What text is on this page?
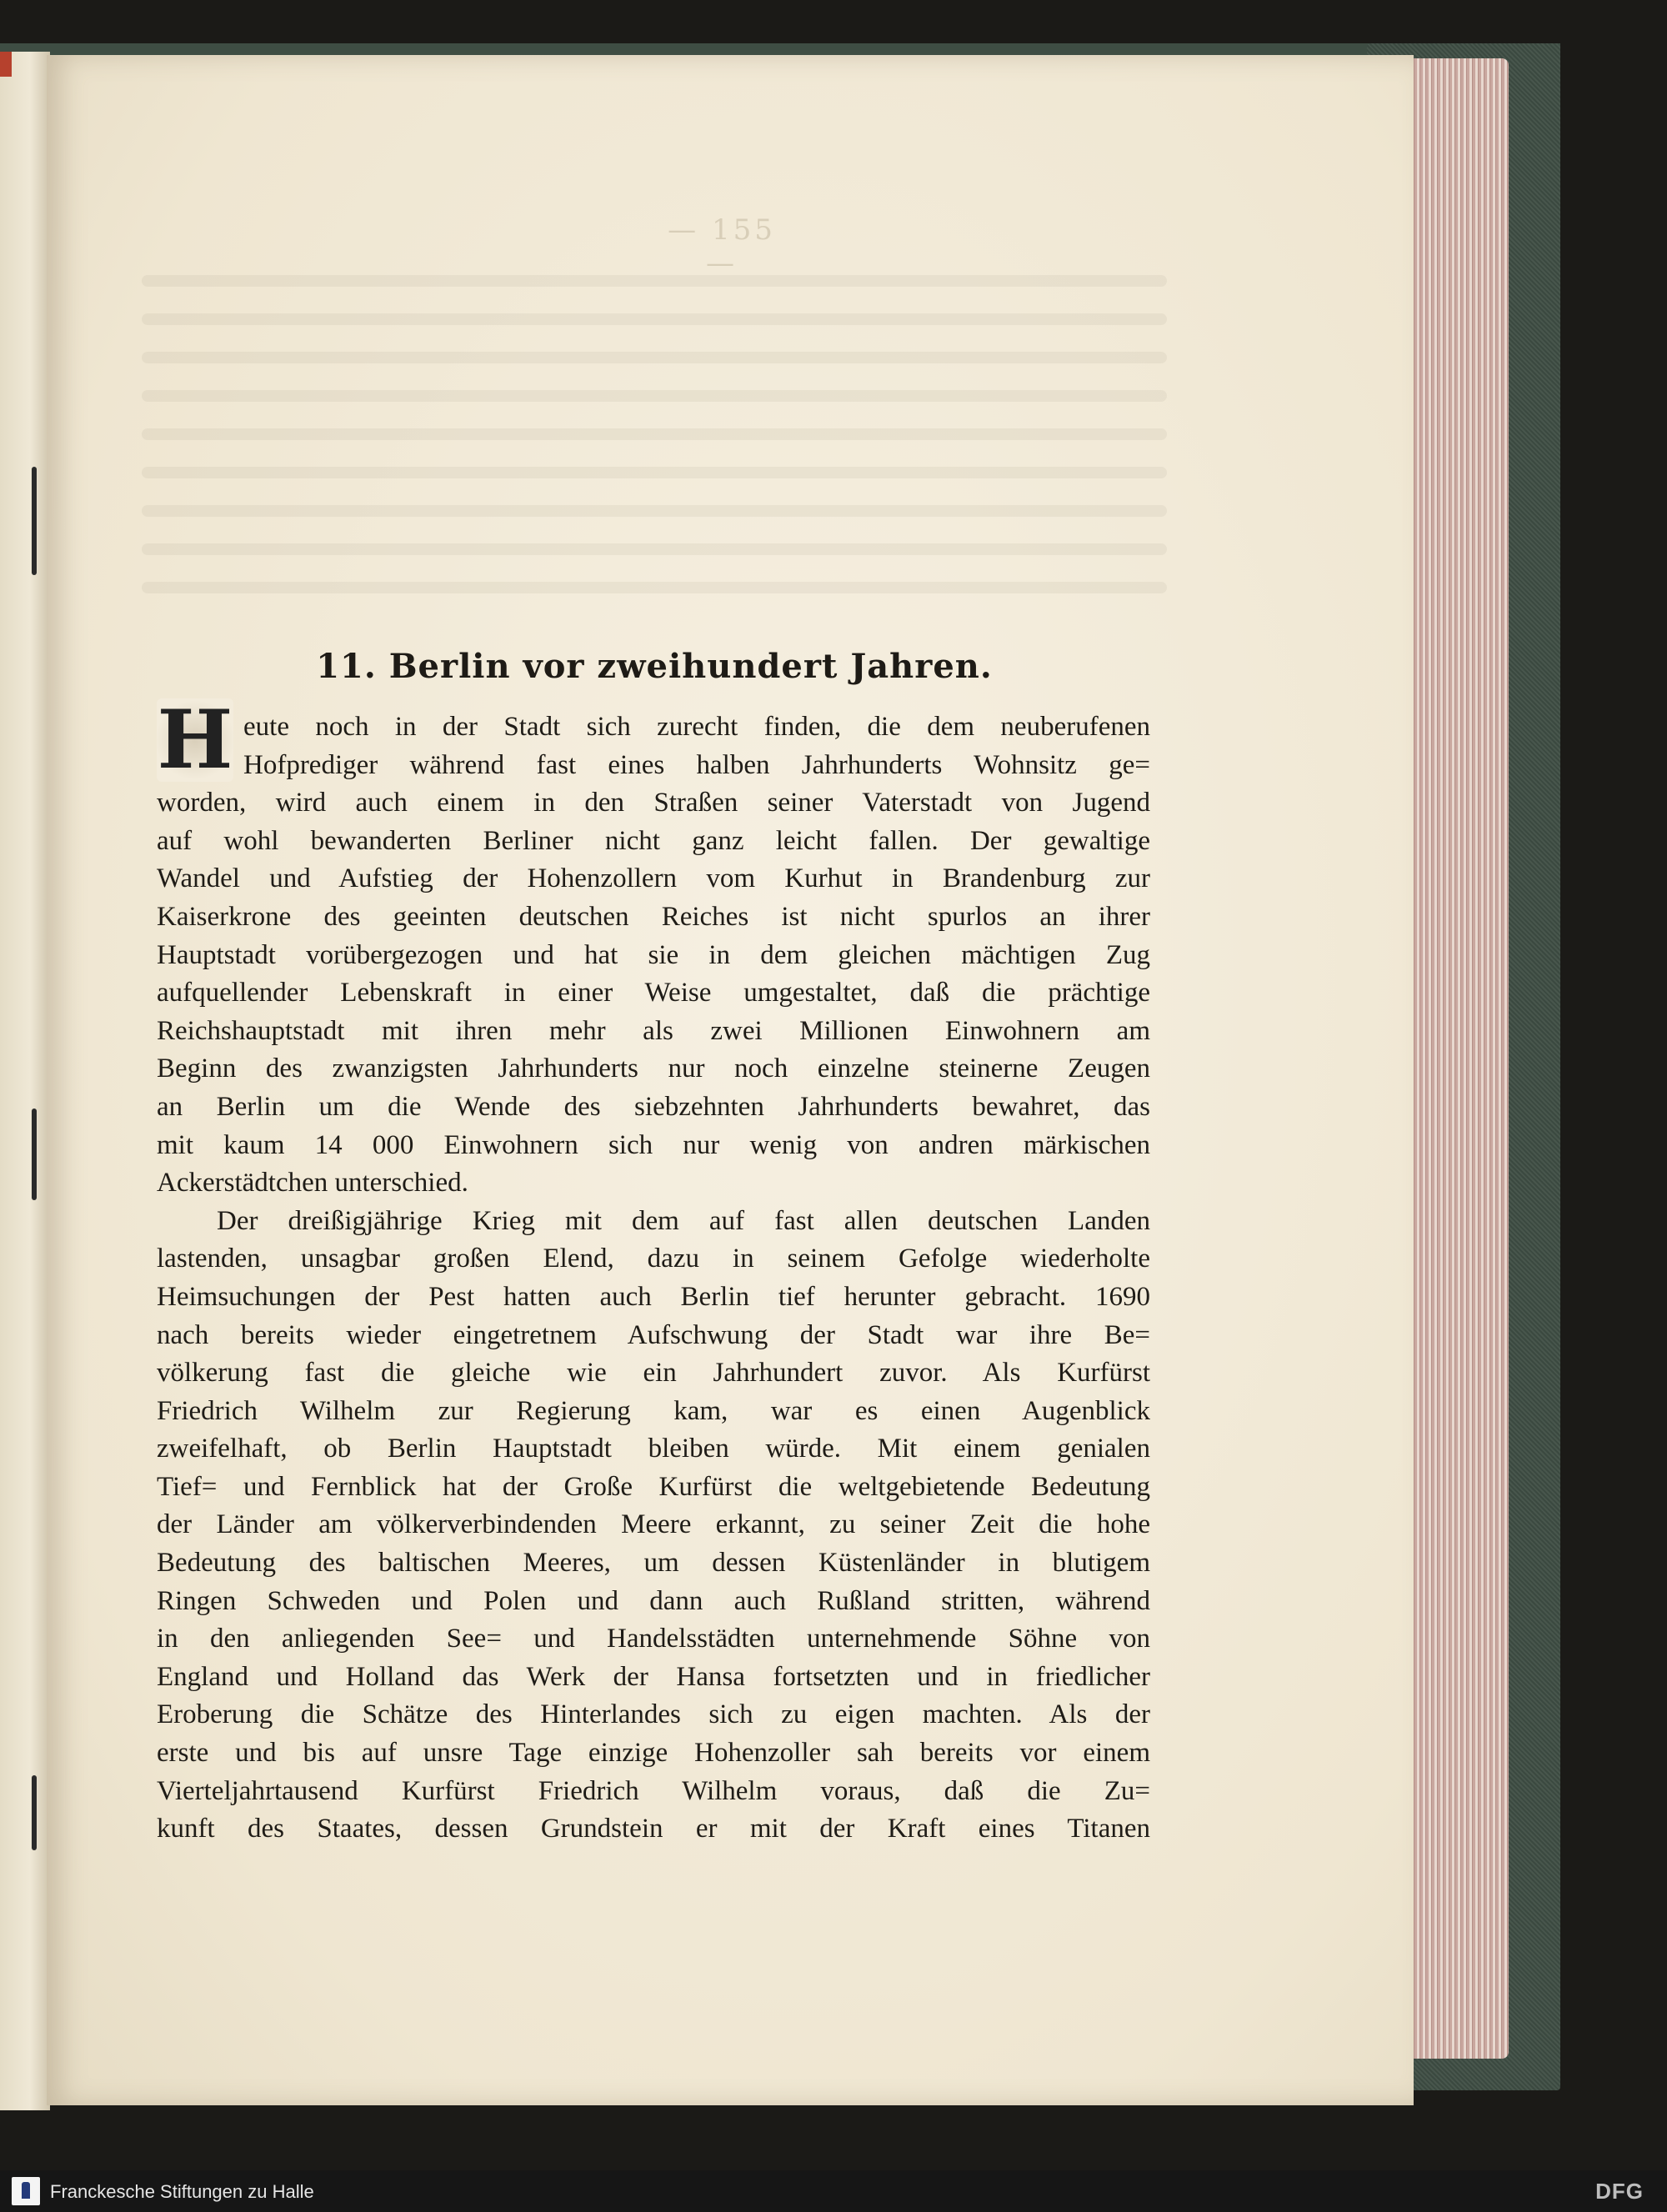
— 155 —
11. Berlin vor zweihundert Jahren.
H eute noch in der Stadt sich zurecht finden, die dem neuberufenen
Hofprediger während fast eines halben Jahrhunderts Wohnsitz ge=
worden, wird auch einem in den Straßen seiner Vaterstadt von Jugend
auf wohl bewanderten Berliner nicht ganz leicht fallen. Der gewaltige
Wandel und Aufstieg der Hohenzollern vom Kurhut in Brandenburg zur
Kaiserkrone des geeinten deutschen Reiches ist nicht spurlos an ihrer
Hauptstadt vorübergezogen und hat sie in dem gleichen mächtigen Zug
aufquellender Lebenskraft in einer Weise umgestaltet, daß die prächtige
Reichshauptstadt mit ihren mehr als zwei Millionen Einwohnern am
Beginn des zwanzigsten Jahrhunderts nur noch einzelne steinerne Zeugen
an Berlin um die Wende des siebzehnten Jahrhunderts bewahret, das
mit kaum 14 000 Einwohnern sich nur wenig von andren märkischen
Ackerstädtchen unterschied.
Der dreißigjährige Krieg mit dem auf fast allen deutschen Landen
lastenden, unsagbar großen Elend, dazu in seinem Gefolge wiederholte
Heimsuchungen der Pest hatten auch Berlin tief herunter gebracht. 1690
nach bereits wieder eingetretnem Aufschwung der Stadt war ihre Be=
völkerung fast die gleiche wie ein Jahrhundert zuvor. Als Kurfürst
Friedrich Wilhelm zur Regierung kam, war es einen Augenblick
zweifelhaft, ob Berlin Hauptstadt bleiben würde. Mit einem genialen
Tief= und Fernblick hat der Große Kurfürst die weltgebietende Bedeutung
der Länder am völkerverbindenden Meere erkannt, zu seiner Zeit die hohe
Bedeutung des baltischen Meeres, um dessen Küstenländer in blutigem
Ringen Schweden und Polen und dann auch Rußland stritten, während
in den anliegenden See= und Handelsstädten unternehmende Söhne von
England und Holland das Werk der Hansa fortsetzten und in friedlicher
Eroberung die Schätze des Hinterlandes sich zu eigen machten. Als der
erste und bis auf unsre Tage einzige Hohenzoller sah bereits vor einem
Vierteljahrtausend Kurfürst Friedrich Wilhelm voraus, daß die Zu=
kunft des Staates, dessen Grundstein er mit der Kraft eines Titanen
Franckesche Stiftungen zu Halle	DFG
